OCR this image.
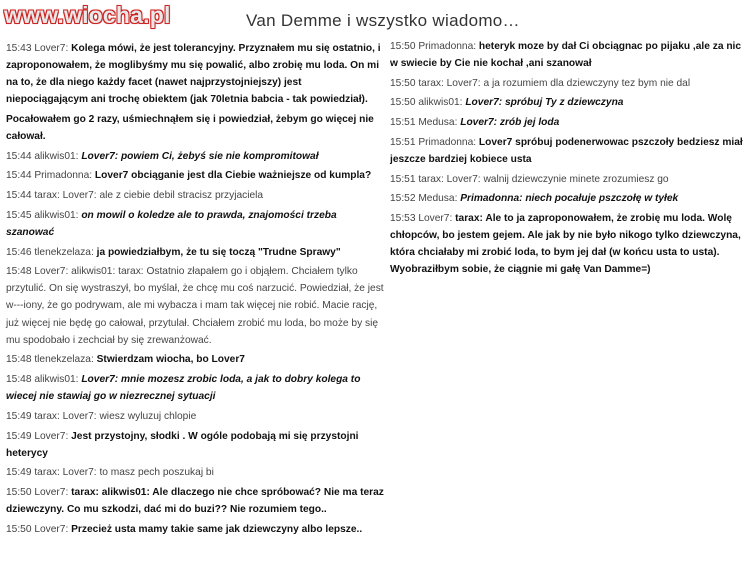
www.wiocha.pl	Van Demme i wszystko wiadomo…
15:43 Lover7: Kolega mówi, że jest tolerancyjny. Przyznałem mu się ostatnio, i zaproponowałem, że moglibyśmy mu się powalić, albo zrobię mu loda. On mi na to, że dla niego każdy facet (nawet najprzystojniejszy) jest niepociągającym ani trochę obiektem (jak 70letnia babcia - tak powiedział).
Pocałowałem go 2 razy, uśmiechnąłem się i powiedział, żebym go więcej nie całował.
15:44 alikwis01: Lover7: powiem Ci, żebyś sie nie kompromitował
15:44 Primadonna: Lover7 obciąganie jest dla Ciebie ważniejsze od kumpla?
15:44 tarax: Lover7: ale z ciebie debil stracisz przyjaciela
15:45 alikwis01: on mowil o koledze ale to prawda, znajomości trzeba szanować
15:46 tlenekzelaza: ja powiedziałbym, że tu się toczą "Trudne Sprawy"
15:48 Lover7: alikwis01: tarax: Ostatnio złapałem go i objąłem. Chciałem tylko przytulić. On się wystraszył, bo myślał, że chcę mu coś narzucić. Powiedział, że jest w---iony, że go podrywam, ale mi wybacza i mam tak więcej nie robić. Macie rację, już więcej nie będę go całował, przytulał. Chciałem zrobić mu loda, bo może by się mu spodobało i zechciał by się zrewanżować.
15:48 tlenekzelaza: Stwierdzam wiocha, bo Lover7
15:48 alikwis01: Lover7: mnie mozesz zrobic loda, a jak to dobry kolega to wiecej nie stawiaj go w niezrecznej sytuacji
15:49 tarax: Lover7: wiesz wyluzuj chlopie
15:49 Lover7: Jest przystojny, słodki . W ogóle podobają mi się przystojni heterycy
15:49 tarax: Lover7: to masz pech poszukaj bi
15:50 Lover7: tarax: alikwis01: Ale dlaczego nie chce spróbować? Nie ma teraz dziewczyny. Co mu szkodzi, dać mi do buzi?? Nie rozumiem tego..
15:50 Lover7: Przecież usta mamy takie same jak dziewczyny albo lepsze..
15:50 Primadonna: heteryk moze by dał Ci obciągnac po pijaku ,ale za nic w swiecie by Cie nie kochał ,ani szanował
15:50 tarax: Lover7: a ja rozumiem dla dziewczyny tez bym nie dal
15:50 alikwis01: Lover7: spróbuj Ty z dziewczyna
15:51 Medusa: Lover7: zrób jej loda
15:51 Primadonna: Lover7 spróbuj podenerwowac pszczoły bedziesz miał jeszcze bardziej kobiece usta
15:51 tarax: Lover7: walnij dziewczynie minete zrozumiesz go
15:52 Medusa: Primadonna: niech pocałuje pszczołę w tyłek
15:53 Lover7: tarax: Ale to ja zaproponowałem, że zrobię mu loda. Wolę chłopców, bo jestem gejem. Ale jak by nie było nikogo tylko dziewczyna, która chciałaby mi zrobić loda, to bym jej dał (w końcu usta to usta). Wyobraziłbym sobie, że ciągnie mi gałę Van Damme=)
